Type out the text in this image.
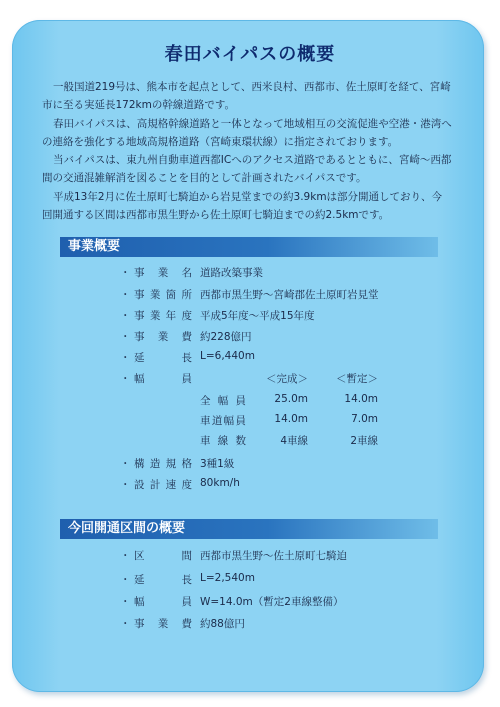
春田バイパスの概要

一般国道219号は、熊本市を起点として、西米良村、西都市、佐土原町を経て、宮崎市に至る実延長172kmの幹線道路です。

春田バイパスは、高規格幹線道路と一体となって地域相互の交流促進や空港・港湾への連絡を強化する地域高規格道路（宮崎東環状線）に指定されております。

当バイパスは、東九州自動車道西都ICへのアクセス道路であるとともに、宮崎～西都間の交通混雑解消を図ることを目的として計画されたバイパスです。

平成13年2月に佐土原町七騎迫から岩見堂までの約3.9kmは部分開通しており、今回開通する区間は西都市黒生野から佐土原町七騎迫までの約2.5kmです。

事業概要
・ 事業名 道路改築事業
・ 事業箇所 西都市黒生野～宮崎郡佐土原町岩見堂
・ 事業年度 平成5年度～平成15年度
・ 事業費 約228億円
・ 延長 L=6,440m
・ 幅員	＜完成＞	＜暫定＞
全幅員	25.0m	14.0m
車道幅員	14.0m	7.0m
車線数	4車線	2車線
・ 構造規格 3種1級
・ 設計速度 80km/h
今回開通区間の概要
・ 区間 西都市黒生野～佐土原町七騎迫
・ 延長 L=2,540m
・ 幅員 W=14.0m（暫定2車線整備）
・ 事業費 約88億円
